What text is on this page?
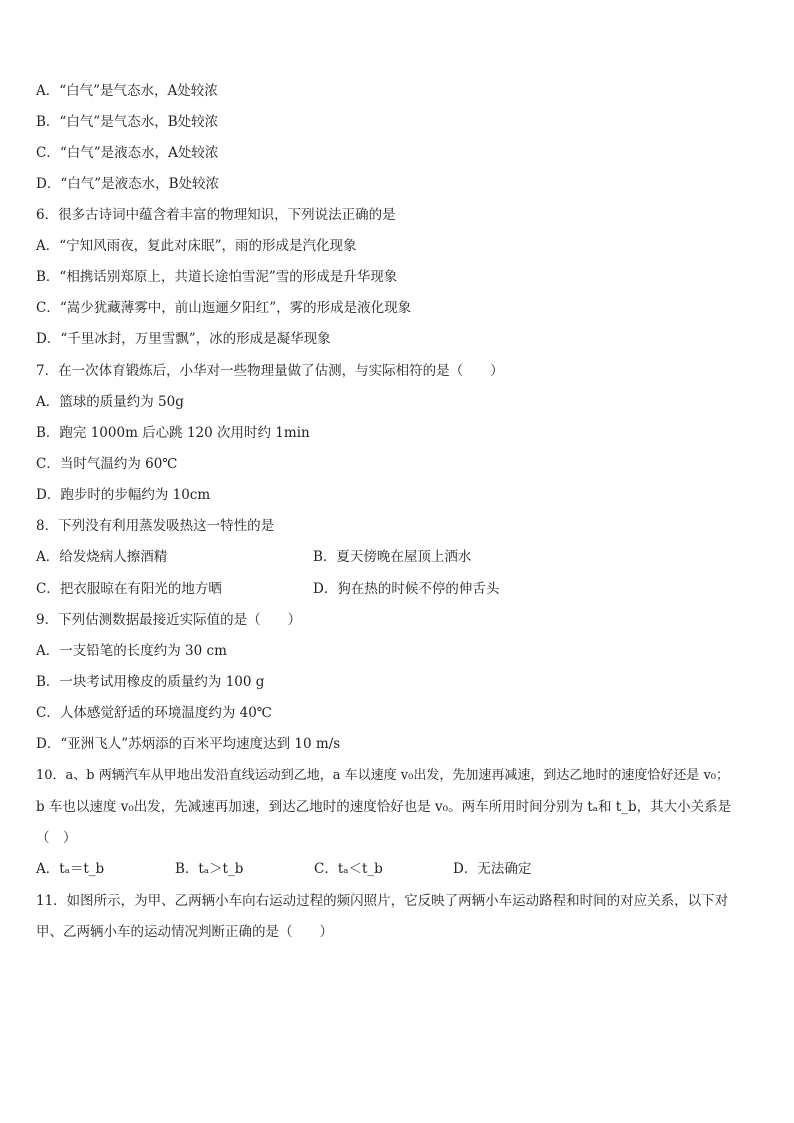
A．“白气”是气态水，A处较浓
B．“白气”是气态水，B处较浓
C．“白气”是液态水，A处较浓
D．“白气”是液态水，B处较浓
6．很多古诗词中蕴含着丰富的物理知识，下列说法正确的是
A．“宁知风雨夜，复此对床眠”，雨的形成是汽化现象
B．“相携话别郑原上，共道长途怕雪泥”雪的形成是升华现象
C．“嵩少犹藏薄雾中，前山迤逦夕阳红”，雾的形成是液化现象
D．“千里冰封，万里雪飘”，冰的形成是凝华现象
7．在一次体育锻炼后，小华对一些物理量做了估测，与实际相符的是（　　）
A．篮球的质量约为 50g
B．跑完 1000m 后心跳 120 次用时约 1min
C．当时气温约为 60℃
D．跑步时的步幅约为 10cm
8．下列没有利用蒸发吸热这一特性的是
A．给发烧病人擦酒精	B．夏天傍晚在屋顶上洒水
C．把衣服晾在有阳光的地方晒	D．狗在热的时候不停的伸舌头
9．下列估测数据最接近实际值的是（　　）
A．一支铅笔的长度约为 30 cm
B．一块考试用橡皮的质量约为 100 g
C．人体感觉舒适的环境温度约为 40℃
D．“亚洲飞人”苏炳添的百米平均速度达到 10 m/s
10．a、b 两辆汽车从甲地出发沿直线运动到乙地，a 车以速度 v₀出发，先加速再减速，到达乙地时的速度恰好还是 v₀；
b 车也以速度 v₀出发，先减速再加速，到达乙地时的速度恰好也是 v₀。两车所用时间分别为 tₐ和 t_b，其大小关系是
（　）
A．tₐ＝t_b	B．tₐ＞t_b	C．tₐ＜t_b	D．无法确定
11．如图所示，为甲、乙两辆小车向右运动过程的频闪照片，它反映了两辆小车运动路程和时间的对应关系，以下对
甲、乙两辆小车的运动情况判断正确的是（　　）
